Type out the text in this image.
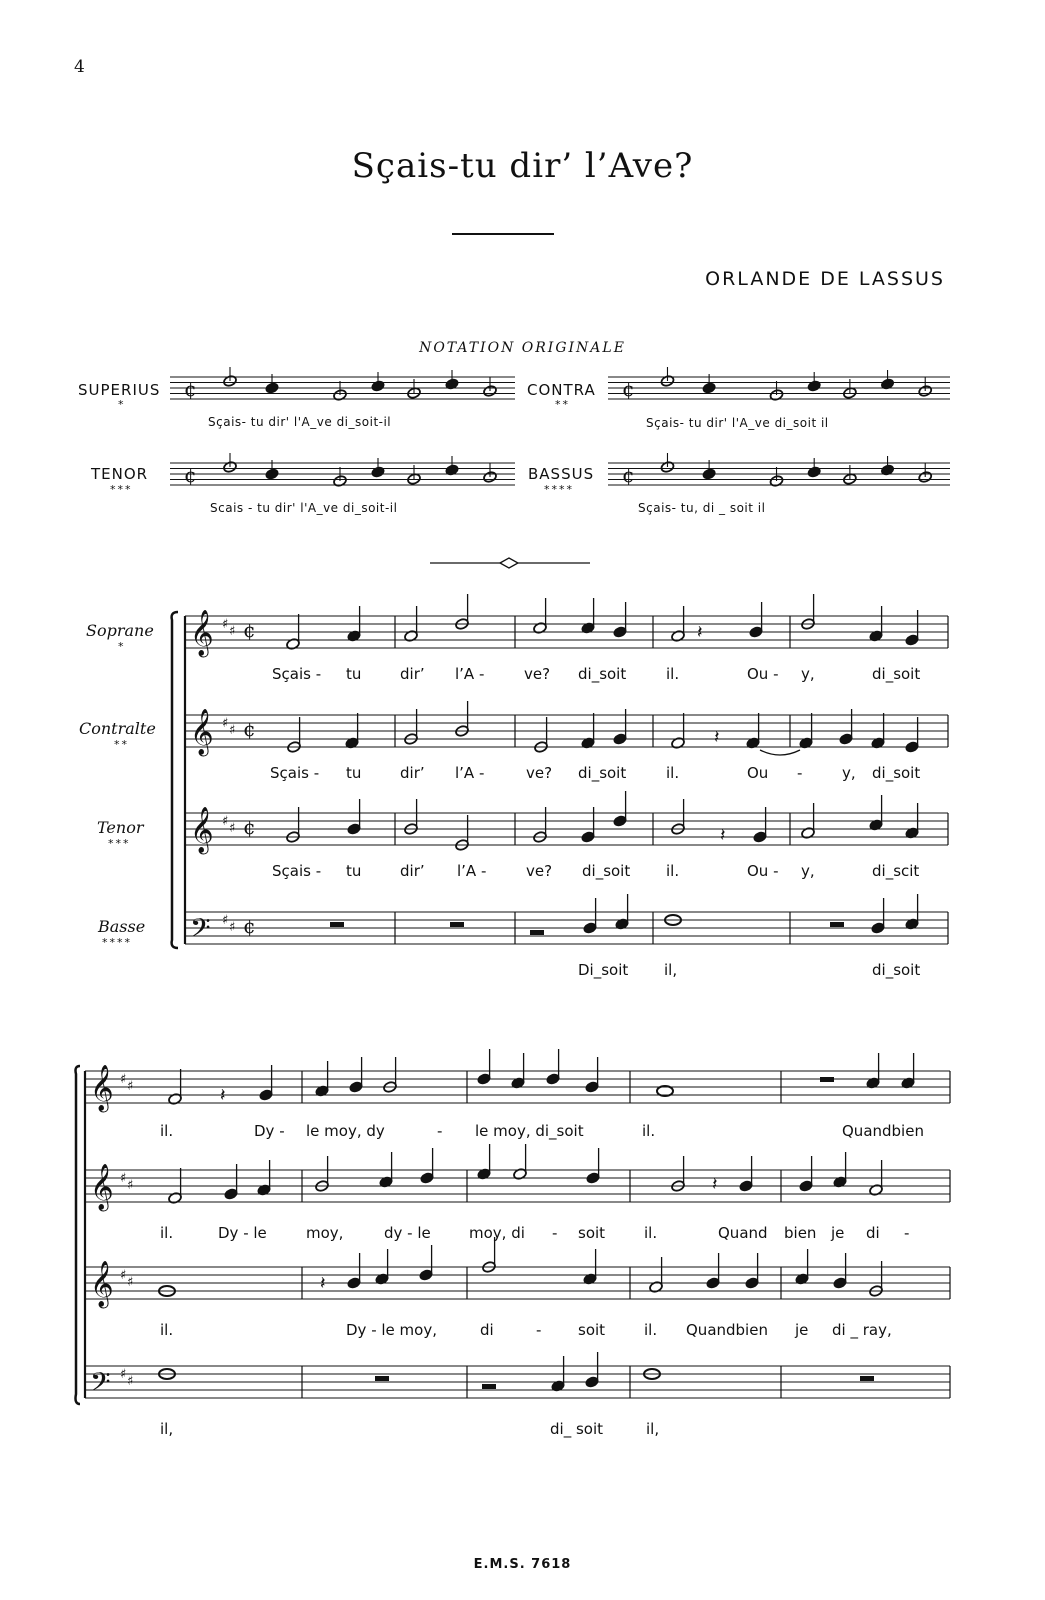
4
Sçais-tu dir’ l’Ave?
ORLANDE DE LASSUS
NOTATION ORIGINALE
SUPERIUS
*
CONTRA
**
TENOR
***
BASSUS
****
Sçais- tu dir' l'A_ve di_soit-il	Sçais- tu dir' l'A_ve di_soit il
Scais - tu dir' l'A_ve di_soit-il	Sçais- tu, di _ soit il
Soprane
*
Contralte
**
Tenor
***
Basse
****
Sçais - tu	dir’ l’A -	ve? di_soit	il.	Ou - y,	di_soit
Sçais - tu	dir’ l’A -	ve? di_soit	il.	Ou -	y, di_soit
Sçais - tu	dir’ l’A -	ve? di_soit il.	Ou - y,	di_scit
Di_soit il,	di_soit
il.	Dy - le moy, dy	- le moy, di_soit	il.	Quandbien
il.	Dy - le	moy,	dy - le	moy, di - soit	il.	Quand bien je di -
il.	Dy - le moy,	di	- soit	il. Quandbien je di _ ray,
il,	di_ soit	il,
E.M.S. 7618
¢	¢
¢	¢
𝄞 ♯ ♯ ¢
𝄞 ♯ ♯ ¢
𝄞 ♯ ♯ ¢
𝄢 ♯ ♯ ¢
𝄽
𝄽
𝄽
𝄞 ♯ ♯
𝄞 ♯ ♯
𝄞 ♯ ♯
𝄢 ♯ ♯
𝄽
𝄽
𝄽
